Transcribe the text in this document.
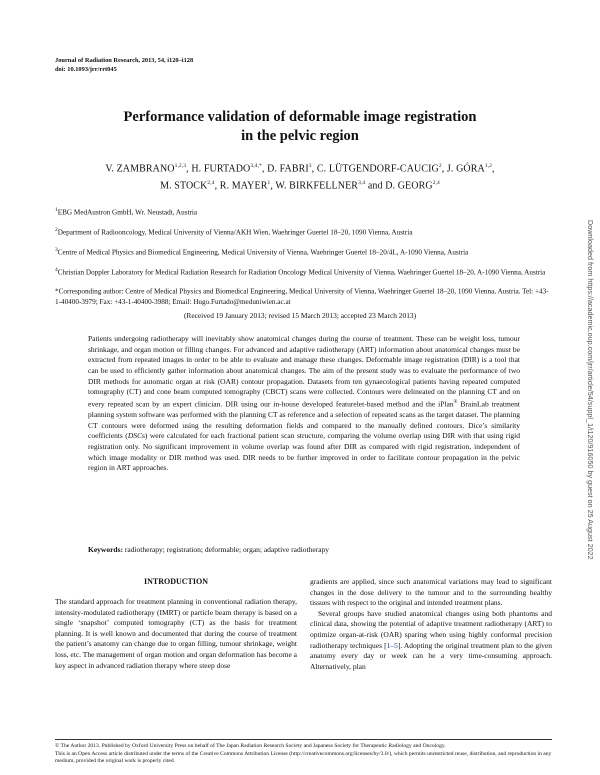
Journal of Radiation Research, 2013, 54, i120–i128
doi: 10.1093/jrr/rrt045
Performance validation of deformable image registration
in the pelvic region
V. ZAMBRANO$^{1,2,3}$, H. $FURTADO^{3,4,*}$, D. FABRI$^3$, C. LÜTGENDORF-CAUCIG$^2$, J. GÓRA$^{1,2}$,
M. STOCK$^{2,4}$, R. MAYER$^1$, W. BIRKFELLNER$^{3,4}$ and D. GEORG$^{2,4}$

$^1$EBG MedAustron GmbH, Wr. Neustadt, Austria

$^2$Department of Radiooncology, Medical University of Vienna/AKH Wien, Waehringer Guertel 18–20, 1090 Vienna, Austria

$^3$Centre of Medical Physics and Biomedical Engineering, Medical University of Vienna, Waehringer Guertel 18–20/4L, A-1090 Vienna, Austria

$^4$Christian Doppler Laboratory for Medical Radiation Research for Radiation Oncology Medical University of Vienna, Waehringer Guertel 18–20, A-1090 Vienna, Austria

*Corresponding author: Centre of Medical Physics and Biomedical Engineering, Medical University of Vienna, Waehringer Guertel 18–20, 1090 Vienna, Austria. Tel: +43-1-40400-3979; Fax: +43-1-40400-3988; Email: Hugo.Furtado@meduniwien.ac.at

(Received 19 January 2013; revised 15 March 2013; accepted 23 March 2013)
Patients undergoing radiotherapy will inevitably show anatomical changes during the course of treatment. These can be weight loss, tumour shrinkage, and organ motion or filling changes. For advanced and adaptive radiotherapy (ART) information about anatomical changes must be extracted from repeated images in order to be able to evaluate and manage these changes. Deformable image registration (DIR) is a tool that can be used to efficiently gather information about anatomical changes. The aim of the present study was to evaluate the performance of two DIR methods for automatic organ at risk (OAR) contour propagation. Datasets from ten gynaecological patients having repeated computed tomography (CT) and cone beam computed tomography (CBCT) scans were collected. Contours were delineated on the planning CT and on every repeated scan by an expert clinician. DIR using our in-house developed featurelet-based method and the iPlan® BrainLab treatment planning system software was performed with the planning CT as reference and a selection of repeated scans as the target dataset. The planning CT contours were deformed using the resulting deformation fields and compared to the manually defined contours. Dice’s similarity coefficients (DSCs) were calculated for each fractional patient scan structure, comparing the volume overlap using DIR with that using rigid registration only. No significant improvement in volume overlap was found after DIR as compared with rigid registration, independent of which image modality or DIR method was used. DIR needs to be further improved in order to facilitate contour propagation in the pelvic region in ART approaches.
Keywords: radiotherapy; registration; deformable; organ; adaptive radiotherapy
INTRODUCTION

The standard approach for treatment planning in conventional radiation therapy, intensity-modulated radiotherapy (IMRT) or particle beam therapy is based on a single ‘snapshot’ computed tomography (CT) as the basis for treatment planning. It is well known and documented that during the course of treatment the patient’s anatomy can change due to organ filling, tumour shrinkage, weight loss, etc. The management of organ motion and organ deformation has become a key aspect in advanced radiation therapy where steep dose

gradients are applied, since such anatomical variations may lead to significant changes in the dose delivery to the tumour and to the surrounding healthy tissues with respect to the original and intended treatment plans.

Several groups have studied anatomical changes using both phantoms and clinical data, showing the potential of adaptive treatment radiotherapy (ART) to optimize organ-at-risk (OAR) sparing when using highly conformal precision radiotherapy techniques [1–5]. Adopting the original treatment plan to the given anatomy every day or week can be a very time-consuming approach. Alternatively, plan

© The Author 2013. Published by Oxford University Press on behalf of The Japan Radiation Research Society and Japanese Society for Therapeutic Radiology and Oncology.

This is an Open Access article distributed under the terms of the Creative Commons Attribution License (http://creativecommons.org/licenses/by/3.0/), which permits unrestricted reuse, distribution, and reproduction in any medium, provided the original work is properly cited.

Downloaded from https://academic.oup.com/jrr/article/54/suppl_1/i120/916050 by guest on 25 August 2022
